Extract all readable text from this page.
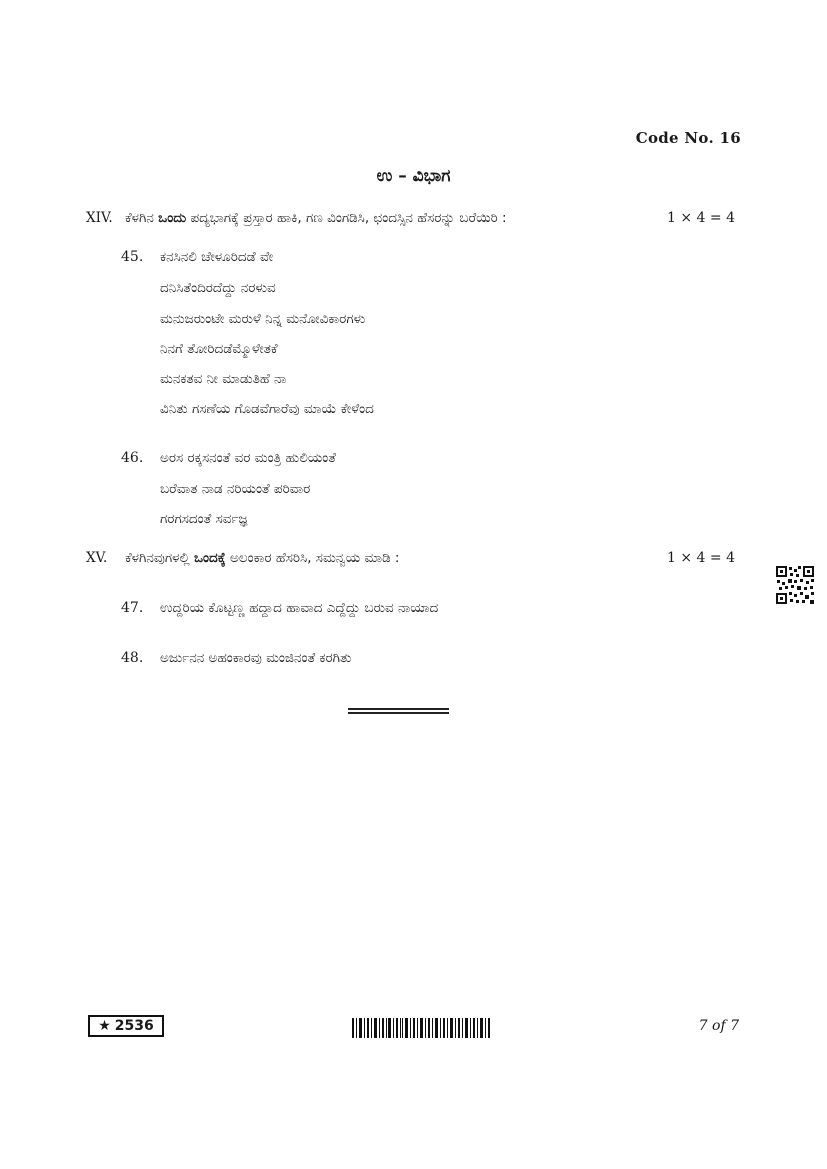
Code No. 16
ಉ – ವಿಭಾಗ
XIV. ಕೆಳಗಿನ ಒಂದು ಪದ್ಯಭಾಗಕ್ಕೆ ಪ್ರಸ್ತಾರ ಹಾಕಿ, ಗಣ ವಿಂಗಡಿಸಿ, ಛಂದಸ್ಸಿನ ಹೆಸರನ್ನು ಬರೆಯಿರಿ :	1 × 4 = 4
45. ಕನಸಿನಲಿ ಚೇಳೂರಿದಡೆ ವೇ
ದನಿಸಿತೆಂದಿರದೆದ್ದು ನರಳುವ
ಮನುಜರುಂಟೇ ಮರುಳೆ ನಿನ್ನ ಮನೋವಿಕಾರಗಳು
ನಿನಗೆ ತೋರಿದಡೆಮ್ಮೊಳೇತಕೆ
ಮನಕತವ ನೀ ಮಾಡುತಿಹೆ ನಾ
ವಿನಿತು ಗಸಣೆಯ ಗೊಡವೆಗಾರೆವು ಮಾಯೆ ಕೇಳೆಂದ
46. ಅರಸ ರಕ್ಕಸನಂತೆ ವರ ಮಂತ್ರಿ ಹುಲಿಯಂತೆ
ಬರೆವಾತ ನಾಡ ನರಿಯಂತೆ ಪರಿವಾರ
ಗರಗಸದಂತೆ ಸರ್ವಜ್ಞ
XV. ಕೆಳಗಿನವುಗಳಲ್ಲಿ ಒಂದಕ್ಕೆ ಅಲಂಕಾರ ಹೆಸರಿಸಿ, ಸಮನ್ವಯ ಮಾಡಿ :	1 × 4 = 4
47. ಉದ್ದರಿಯ ಕೊಟ್ಟಣ್ಣ ಹದ್ದಾದ ಹಾವಾದ ಎದ್ದೆದ್ದು ಬರುವ ನಾಯಾದ
48. ಅರ್ಜುನನ ಅಹಂಕಾರವು ಮಂಜಿನಂತೆ ಕರಗಿತು
★ 2536	7 of 7
